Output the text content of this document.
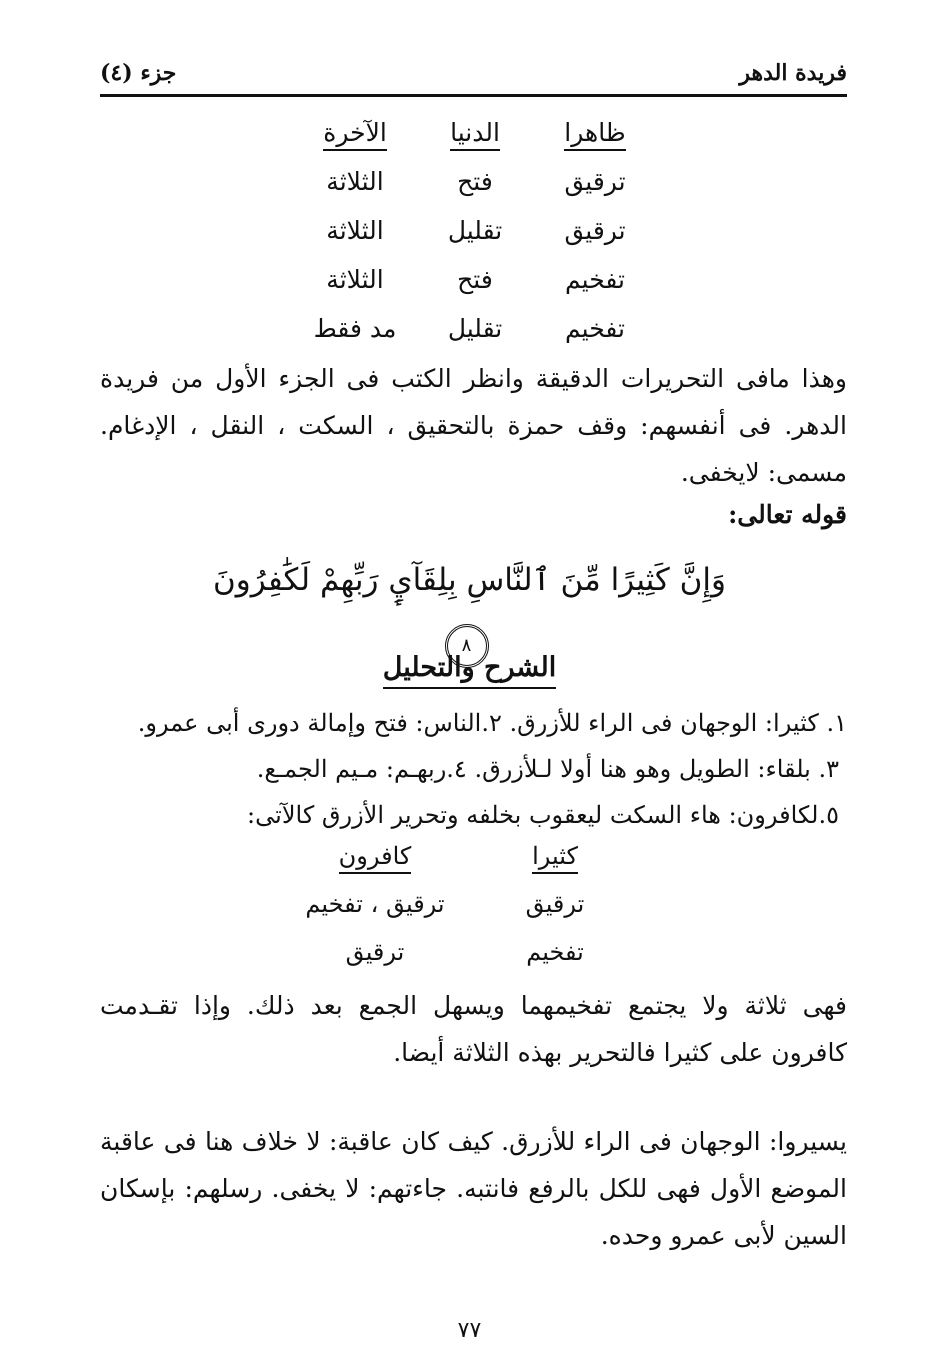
فريدة الدهر
جزء (٤)
ظاهرا
الدنيا
الآخرة
ترقيق
فتح
الثلاثة
ترقيق
تقليل
الثلاثة
تفخيم
فتح
الثلاثة
تفخيم
تقليل
مد فقط
وهذا مافى التحريرات الدقيقة وانظر الكتب فى الجزء الأول من فريدة الدهر. فى أنفسهم: وقف حمزة بالتحقيق ، السكت ، النقل ، الإدغام. مسمى: لايخفى.
قوله تعالى:
وَإِنَّ كَثِيرًا مِّنَ ٱلنَّاسِ بِلِقَآيِٕ رَبِّهِمْ لَكَٰفِرُونَ ٨
الشرح والتحليل
١. كثيرا: الوجهان فى الراء للأزرق. ٢.الناس: فتح وإمالة دورى أبى عمرو.
٣. بلقاء: الطويل وهو هنا أولا لـلأزرق. ٤.ربهـم: مـيم الجمـع.
٥.لكافرون: هاء السكت ليعقوب بخلفه وتحرير الأزرق كالآتى:
كثيرا
كافرون
ترقيق
ترقيق ، تفخيم
تفخيم
ترقيق
فهى ثلاثة ولا يجتمع تفخيمهما ويسهل الجمع بعد ذلك. وإذا تقـدمت كافرون على كثيرا فالتحرير بهذه الثلاثة أيضا.
يسيروا: الوجهان فى الراء للأزرق. كيف كان عاقبة: لا خلاف هنا فى عاقبة الموضع الأول فهى للكل بالرفع فانتبه. جاءتهم: لا يخفى. رسلهم: بإسكان السين لأبى عمرو وحده.
٧٧
